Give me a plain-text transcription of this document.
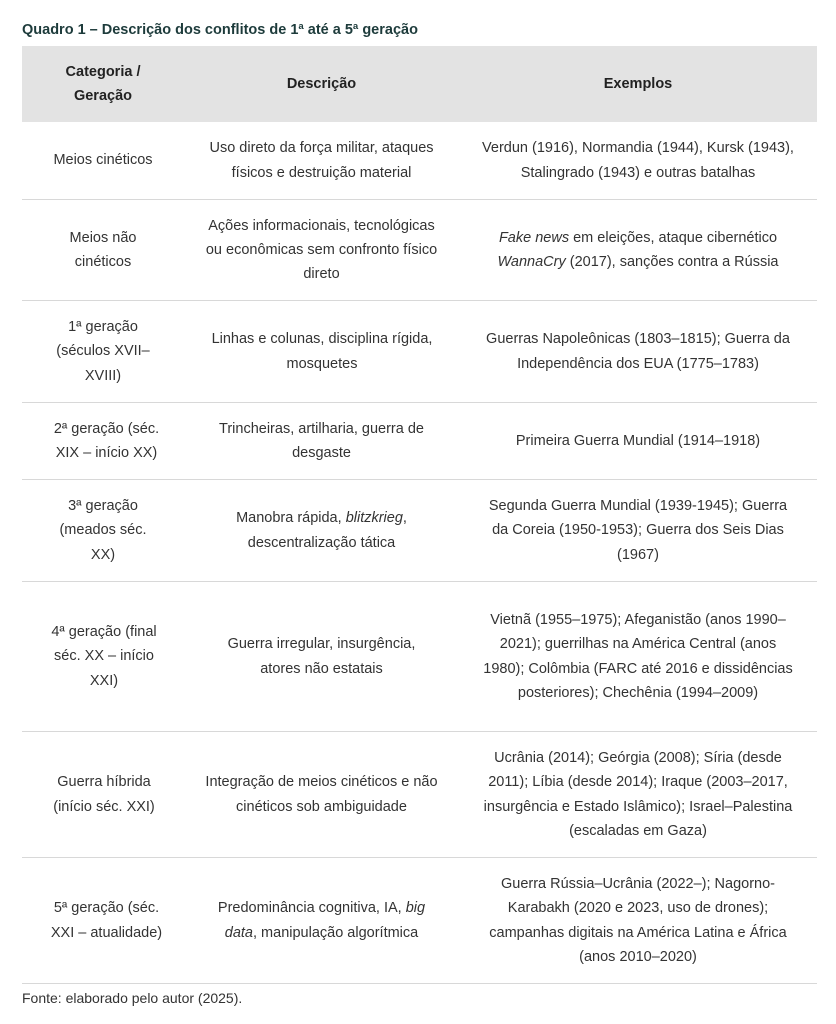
Quadro 1 – Descrição dos conflitos de 1ª até a 5ª geração
Categoria / Geração	Descrição	Exemplos
Meios cinéticos	Uso direto da força militar, ataques físicos e destruição material	Verdun (1916), Normandia (1944), Kursk (1943), Stalingrado (1943) e outras batalhas

Meios não cinéticos	Ações informacionais, tecnológicas ou econômicas sem confronto físico direto	Fake news em eleições, ataque cibernético WannaCry (2017), sanções contra a Rússia

1ª geração (séculos XVII–XVIII)	Linhas e colunas, disciplina rígida, mosquetes	Guerras Napoleônicas (1803–1815); Guerra da Independência dos EUA (1775–1783)

2ª geração (séc. XIX – início XX)	Trincheiras, artilharia, guerra de desgaste	Primeira Guerra Mundial (1914–1918)

3ª geração (meados séc. XX)	Manobra rápida, blitzkrieg, descentralização tática	Segunda Guerra Mundial (1939-1945); Guerra da Coreia (1950-1953); Guerra dos Seis Dias (1967)

4ª geração (final séc. XX – início XXI)	Guerra irregular, insurgência, atores não estatais	Vietnã (1955–1975); Afeganistão (anos 1990–2021); guerrilhas na América Central (anos 1980); Colômbia (FARC até 2016 e dissidências posteriores); Chechênia (1994–2009)

Guerra híbrida (início séc. XXI)	Integração de meios cinéticos e não cinéticos sob ambiguidade	Ucrânia (2014); Geórgia (2008); Síria (desde 2011); Líbia (desde 2014); Iraque (2003–2017, insurgência e Estado Islâmico); Israel–Palestina (escaladas em Gaza)

5ª geração (séc. XXI – atualidade)	Predominância cognitiva, IA, big data, manipulação algorítmica	Guerra Rússia–Ucrânia (2022–); Nagorno-Karabakh (2020 e 2023, uso de drones); campanhas digitais na América Latina e África (anos 2010–2020)
Fonte: elaborado pelo autor (2025).
